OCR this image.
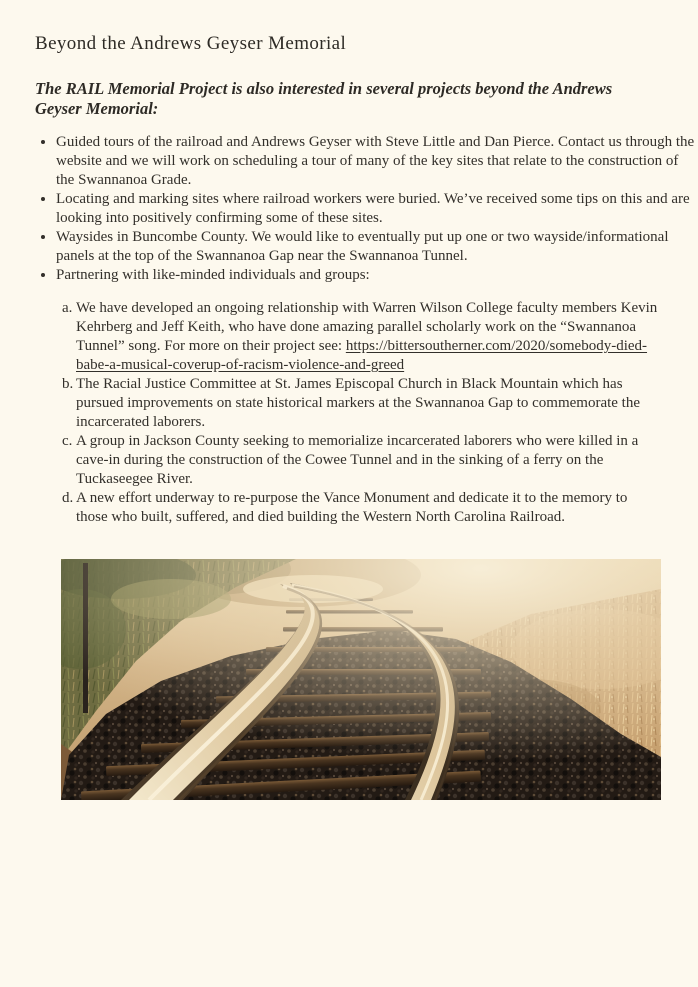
Beyond the Andrews Geyser Memorial

The RAIL Memorial Project is also interested in several projects beyond the Andrews Geyser Memorial:

• Guided tours of the railroad and Andrews Geyser with Steve Little and Dan Pierce. Contact us through the website and we will work on scheduling a tour of many of the key sites that relate to the construction of the Swannanoa Grade.
• Locating and marking sites where railroad workers were buried. We’ve received some tips on this and are looking into positively confirming some of these sites.
• Waysides in Buncombe County. We would like to eventually put up one or two wayside/informational panels at the top of the Swannanoa Gap near the Swannanoa Tunnel.
• Partnering with like-minded individuals and groups:
a. We have developed an ongoing relationship with Warren Wilson College faculty members Kevin Kehrberg and Jeff Keith, who have done amazing parallel scholarly work on the “Swannanoa Tunnel” song. For more on their project see: https://bittersoutherner.com/2020/somebody-died-babe-a-musical-coverup-of-racism-violence-and-greed
b. The Racial Justice Committee at St. James Episcopal Church in Black Mountain which has pursued improvements on state historical markers at the Swannanoa Gap to commemorate the incarcerated laborers.
c. A group in Jackson County seeking to memorialize incarcerated laborers who were killed in a cave-in during the construction of the Cowee Tunnel and in the sinking of a ferry on the Tuckaseegee River.
d. A new effort underway to re-purpose the Vance Monument and dedicate it to the memory to those who built, suffered, and died building the Western North Carolina Railroad.
